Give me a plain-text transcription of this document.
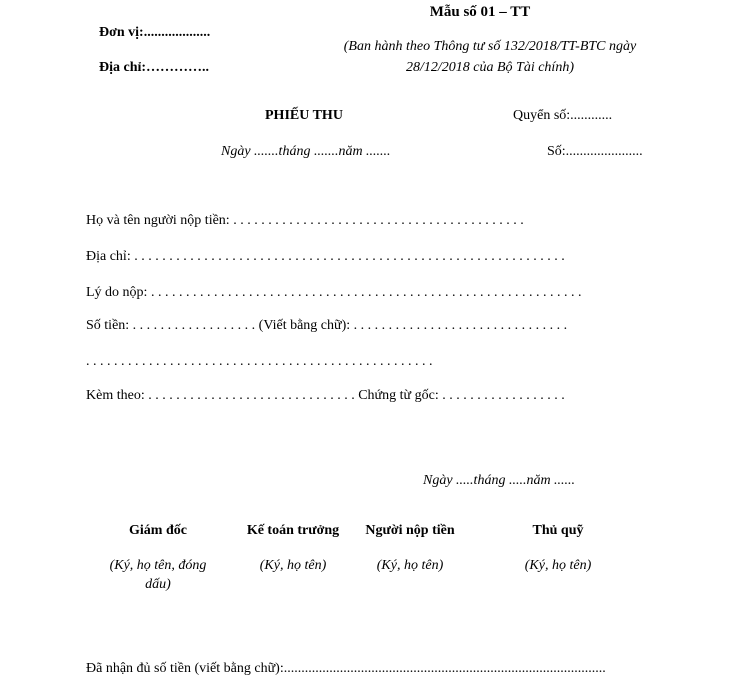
Mẫu số 01 – TT
Đơn vị:...................
Địa chỉ:…………..
(Ban hành theo Thông tư số 132/2018/TT-BTC ngày
28/12/2018 của Bộ Tài chính)
PHIẾU THU	Quyển số:............
Ngày .......tháng .......năm .......	Số:......................
Họ và tên người nộp tiền: . . . . . . . . . . . . . . . . . . . . . . . . . . . . . . . . . . . . . . . . . .
Địa chỉ: . . . . . . . . . . . . . . . . . . . . . . . . . . . . . . . . . . . . . . . . . . . . . . . . . . . . . . . . . . . . . .
Lý do nộp: . . . . . . . . . . . . . . . . . . . . . . . . . . . . . . . . . . . . . . . . . . . . . . . . . . . . . . . . . . . . . .
Số tiền: . . . . . . . . . . . . . . . . . . (Viết bằng chữ): . . . . . . . . . . . . . . . . . . . . . . . . . . . . . . .
. . . . . . . . . . . . . . . . . . . . . . . . . . . . . . . . . . . . . . . . . . . . . . . . . .
Kèm theo: . . . . . . . . . . . . . . . . . . . . . . . . . . . . . . Chứng từ gốc: . . . . . . . . . . . . . . . . . .
Ngày .....tháng .....năm ......
Giám đốc
(Ký, họ tên, đóng dấu)
Kế toán trưởng
(Ký, họ tên)
Người nộp tiền
(Ký, họ tên)
Thủ quỹ
(Ký, họ tên)
Đã nhận đủ số tiền (viết bằng chữ):............................................................................................
